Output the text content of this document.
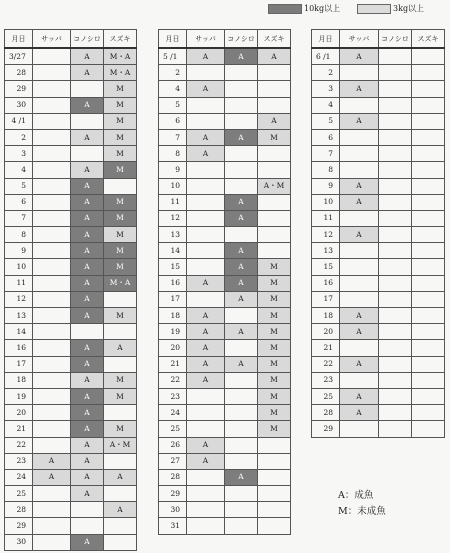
10kg以上	3kg以上
月日	サッバ	コノシロ	スズキ
3/27		A	M・A
28		A	M・A
29			M
30		A	M
4 /1			M
2		A	M
3			M
4		A	M
5		A	
6		A	M
7		A	M
8		A	M
9		A	M
10		A	M
11		A	M・A
12		A	
13		A	M
14			
16		A	A
17		A	
18		A	M
19		A	M
20		A	
21		A	M
22		A	A・M
23	A	A	
24	A	A	A
25		A	
28			A
29			
30		A	
月日	サッバ	コノシロ	スズキ
5 /1	A	A	A
2			
4	A		
5			
6			A
7	A	A	M
8	A		
9			
10			A・M
11		A	
12		A	
13			
14		A	
15		A	M
16	A	A	M
17		A	M
18	A		M
19	A	A	M
20	A		M
21	A	A	M
22	A		M
23			M
24			M
25			M
26	A		
27	A		
28		A	
29			
30			
31			
月日	サッバ	コノシロ	スズキ
6 /1	A		
2			
3	A		
4			
5	A		
6			
7			
8			
9	A		
10	A		
11			
12	A		
13			
15			
16			
17			
18	A		
20	A		
21			
22	A		
23			
25	A		
28	A		
29			
A：成魚
M：未成魚
